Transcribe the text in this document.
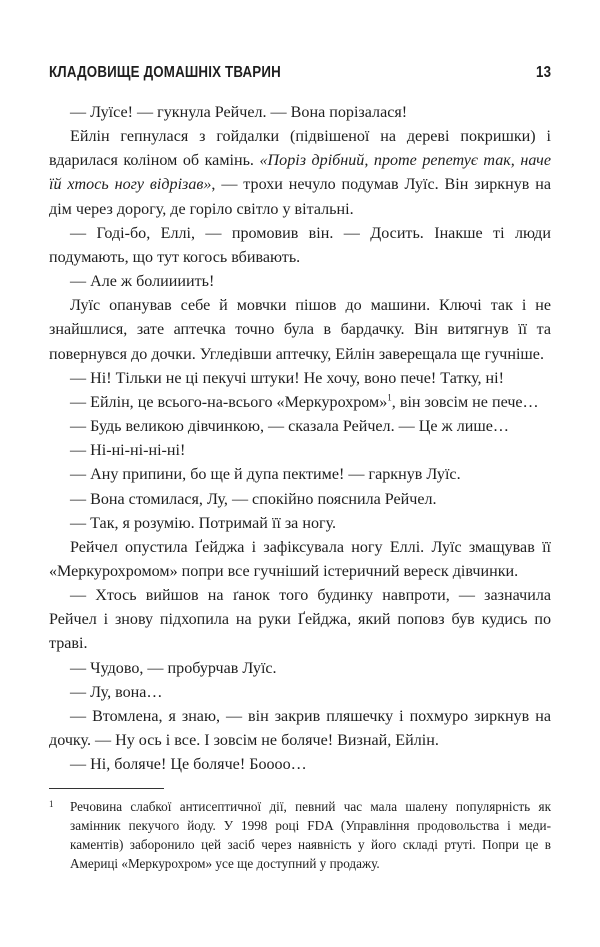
КЛАДОВИЩЕ ДОМАШНІХ ТВАРИН	13

— Луїсе! — гукнула Рейчел. — Вона порізалася!

Ейлін гепнулася з гойдалки (підвішеної на дереві покришки) і вдарилася коліном об камінь. «Поріз дрібний, проте репетує так, наче їй хтось ногу відрізав», — трохи нечуло подумав Луїс. Він зиркнув на дім через дорогу, де горіло світло у вітальні.

— Годі-бо, Еллі, — промовив він. — Досить. Інакше ті люди подумають, що тут когось вбивають.

— Але ж болиииить!

Луїс опанував себе й мовчки пішов до машини. Ключі так і не знайшлися, зате аптечка точно була в бардачку. Він витягнув її та повернувся до дочки. Угледівши аптечку, Ейлін заверещала ще гучніше.

— Ні! Тільки не ці пекучі штуки! Не хочу, воно пече! Татку, ні!

— Ейлін, це всього-на-всього «Меркурохром»$^1$, він зовсім не пече…

— Будь великою дівчинкою, — сказала Рейчел. — Це ж лише…

— Ні-ні-ні-ні-ні!

— Ану припини, бо ще й дупа пектиме! — гаркнув Луїс.

— Вона стомилася, Лу, — спокійно пояснила Рейчел.

— Так, я розумію. Потримай її за ногу.

Рейчел опустила Ґейджа і зафіксувала ногу Еллі. Луїс змащував її «Меркурохромом» попри все гучніший істеричний вереск дівчинки.

— Хтось вийшов на ґанок того будинку навпроти, — зазначила Рейчел і знову підхопила на руки Ґейджа, який поповз був кудись по траві.

— Чудово, — пробурчав Луїс.

— Лу, вона…

— Втомлена, я знаю, — він закрив пляшечку і похмуро зиркнув на дочку. — Ну ось і все. І зовсім не боляче! Визнай, Ейлін.

— Ні, боляче! Це боляче! Боооо…

1 Речовина слабкої антисептичної дії, певний час мала шалену популярність як замінник пекучого йоду. У 1998 році FDA (Управління продовольства і медикаментів) заборонило цей засіб через наявність у його складі ртуті. Попри це в Америці «Меркурохром» усе ще доступний у продажу.
